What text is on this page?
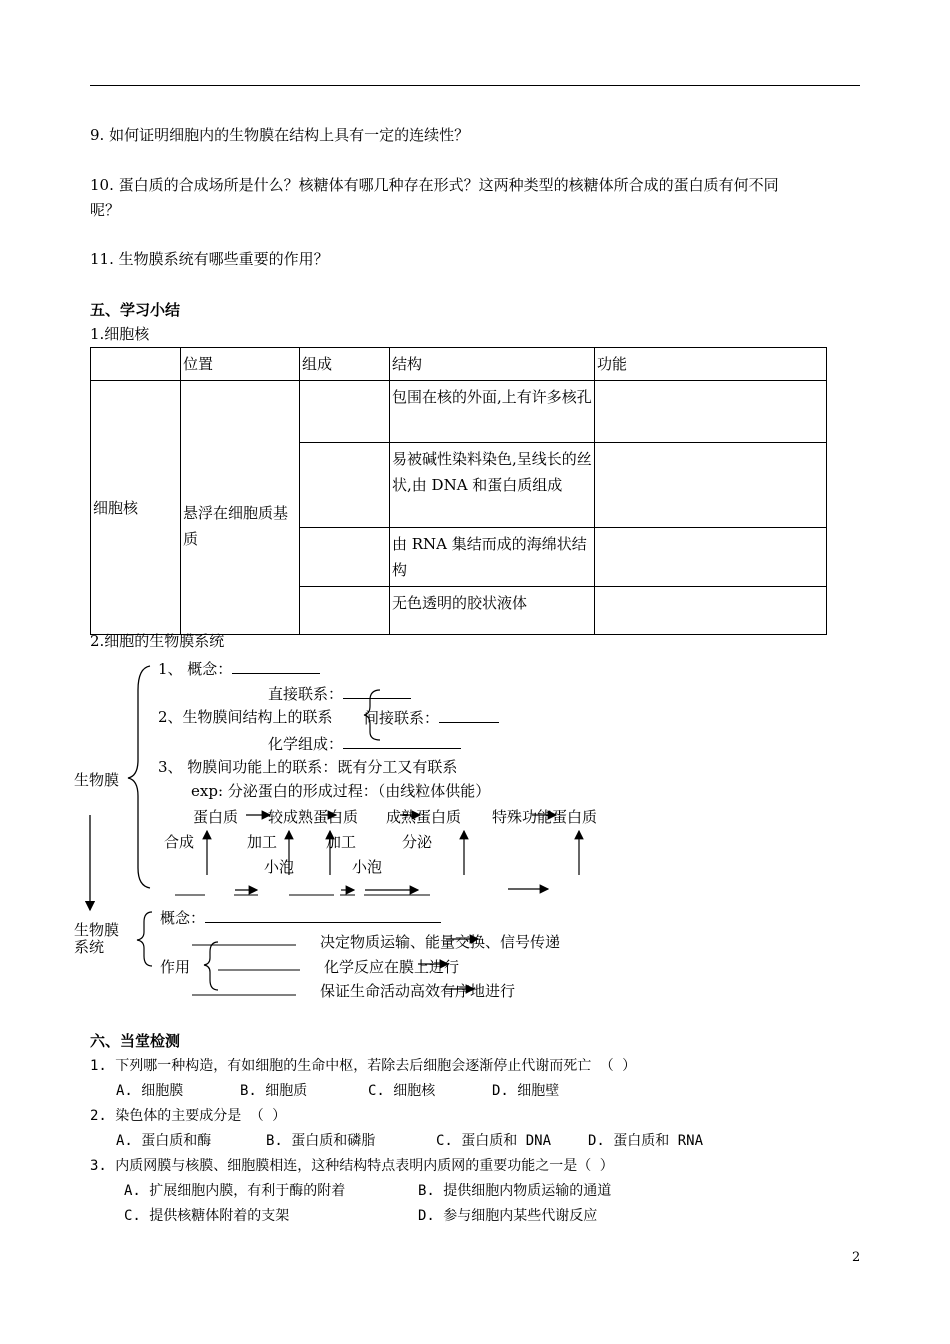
9. 如何证明细胞内的生物膜在结构上具有一定的连续性？
10. 蛋白质的合成场所是什么？核糖体有哪几种存在形式？这两种类型的核糖体所合成的蛋白质有何不同
呢？
11. 生物膜系统有哪些重要的作用？
五、学习小结
1.细胞核
	位置	组成	结构	功能
细胞核	悬浮在细胞质基质		包围在核的外面,上有许多核孔	
			易被碱性染料染色,呈线长的丝状,由 DNA 和蛋白质组成	
			由 RNA 集结而成的海绵状结构	
			无色透明的胶状液体	
2.细胞的生物膜系统
生物膜
1、 概念：
直接联系：
2、生物膜间结构上的联系 间接联系：
化学组成：
3、 物膜间功能上的联系：既有分工又有联系
exp: 分泌蛋白的形成过程：（由线粒体供能）
蛋白质 较成熟蛋白质 成熟蛋白质 特殊功能蛋白质
合成	加工	加工	分泌
小泡	小泡
生物膜
系统
概念：
作用
决定物质运输、能量交换、信号传递
化学反应在膜上进行
保证生命活动高效有序地进行
六、当堂检测
1. 下列哪一种构造，有如细胞的生命中枢，若除去后细胞会逐渐停止代谢而死亡 （ ）
A. 细胞膜	B. 细胞质	C. 细胞核	D. 细胞壁
2. 染色体的主要成分是 （ ）
A. 蛋白质和酶	B. 蛋白质和磷脂	C. 蛋白质和 DNA	D. 蛋白质和 RNA
3. 内质网膜与核膜、细胞膜相连，这种结构特点表明内质网的重要功能之一是（ ）
A. 扩展细胞内膜，有利于酶的附着	B. 提供细胞内物质运输的通道
C. 提供核糖体附着的支架	D. 参与细胞内某些代谢反应
2
